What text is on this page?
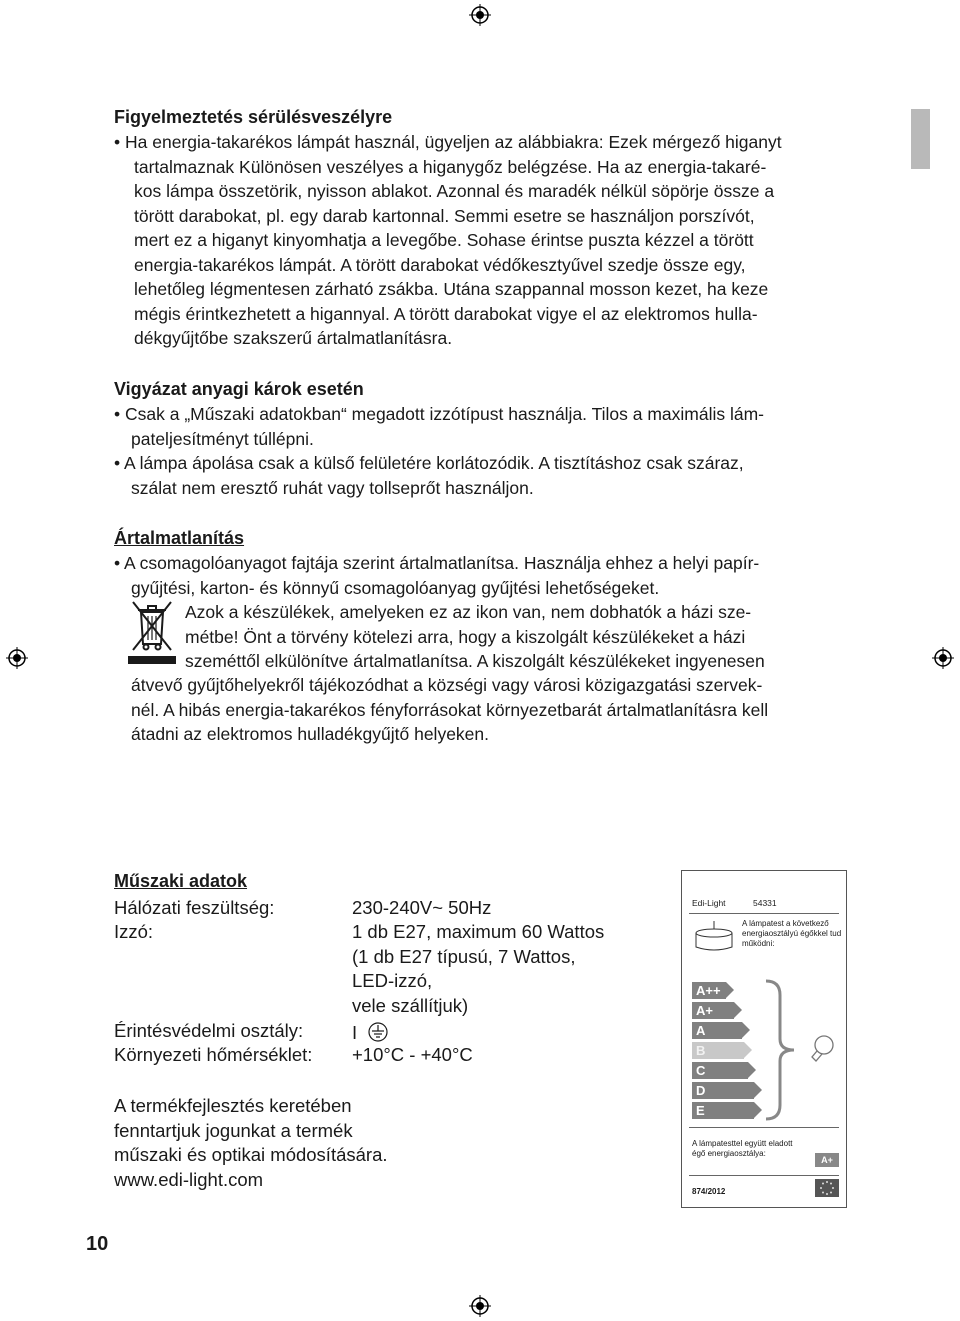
Figyelmeztetés sérülésveszélyre
• Ha energia-takarékos lámpát használ, ügyeljen az alábbiakra: Ezek mérgező higanyt
tartalmaznak Különösen veszélyes a higanygőz belégzése. Ha az energia-takaré-
kos lámpa összetörik, nyisson ablakot. Azonnal és maradék nélkül söpörje össze a
törött darabokat, pl. egy darab kartonnal. Semmi esetre se használjon porszívót,
mert ez a higanyt kinyomhatja a levegőbe. Sohase érintse puszta kézzel a törött
energia-takarékos lámpát. A törött darabokat védőkesztyűvel szedje össze egy,
lehetőleg légmentesen zárható zsákba. Utána szappannal mosson kezet, ha keze
mégis érintkezhetett a higannyal. A törött darabokat vigye el az elektromos hulla-
dékgyűjtőbe szakszerű ártalmatlanításra.
Vigyázat anyagi károk esetén
• Csak a „Műszaki adatokban“ megadott izzótípust használja. Tilos a maximális lám-
pateljesítményt túllépni.
• A lámpa ápolása csak a külső felületére korlátozódik. A tisztításhoz csak száraz,
szálat nem eresztő ruhát vagy tollseprőt használjon.
Ártalmatlanítás
• A csomagolóanyagot fajtája szerint ártalmatlanítsa. Használja ehhez a helyi papír-
gyűjtési, karton- és könnyű csomagolóanyag gyűjtési lehetőségeket.
Azok a készülékek, amelyeken ez az ikon van, nem dobhatók a házi sze-
métbe! Önt a törvény kötelezi arra, hogy a kiszolgált készülékeket a házi
szeméttől elkülönítve ártalmatlanítsa. A kiszolgált készülékeket ingyenesen
átvevő gyűjtőhelyekről tájékozódhat a községi vagy városi közigazgatási szervek-
nél. A hibás energia-takarékos fényforrásokat környezetbarát ártalmatlanításra kell
átadni az elektromos hulladékgyűjtő helyeken.
Műszaki adatok
Hálózati feszültség:	230-240V~ 50Hz
Izzó:	1 db E27, maximum 60 Wattos
(1 db E27 típusú, 7 Wattos,
LED-izzó,
vele szállítjuk)
Érintésvédelmi osztály:	I
Környezeti hőmérséklet: +10°C - +40°C
A termékfejlesztés keretében
fenntartjuk jogunkat a termék
műszaki és optikai módosítására.
www.edi-light.com
Edi-Light	54331
A lámpatest a következő energiaosztályú égőkkel tud működni:
A++
A+
A
B
C
D
E
A lámpatesttel együtt eladott égő energiaosztálya:
A+
874/2012
10
